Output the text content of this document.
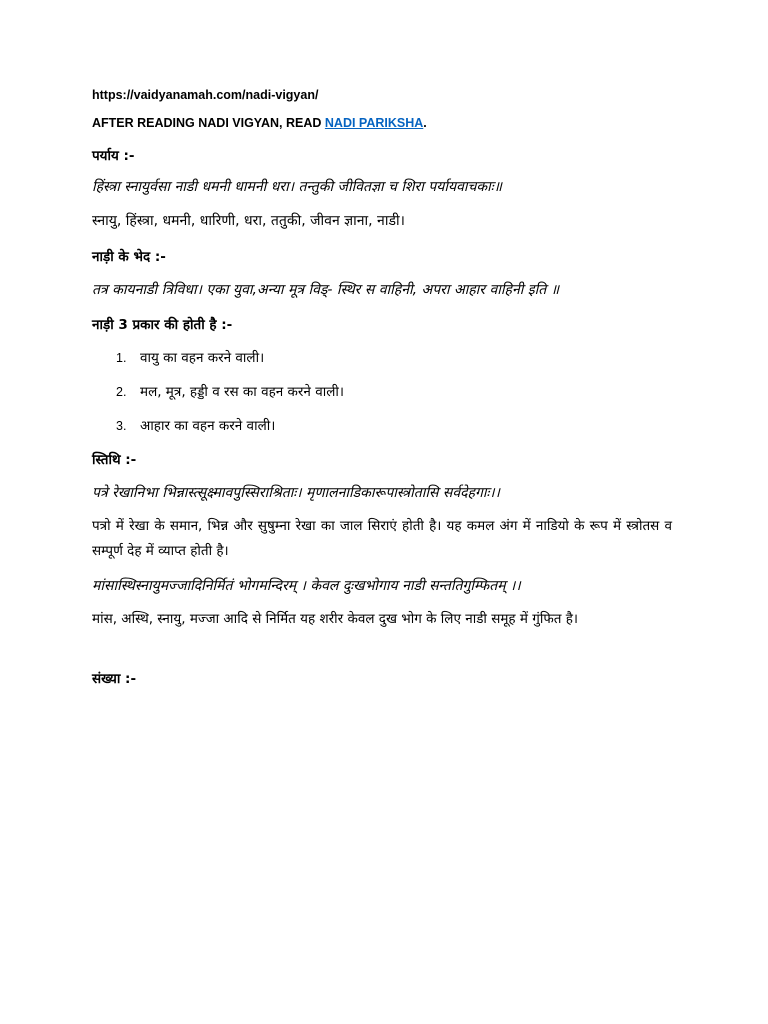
https://vaidyanamah.com/nadi-vigyan/
AFTER READING NADI VIGYAN, READ NADI PARIKSHA.
पर्याय :-
हिंस्त्रा स्नायुर्वसा नाडी धमनी धामनी धरा। तन्तुकी जीवितज्ञा च शिरा पर्यायवाचकाः॥
स्नायु, हिंस्त्रा, धमनी, धारिणी, धरा, ततुकी, जीवन ज्ञाना, नाडी।
नाड़ी के भेद :-
तत्र कायनाडी त्रिविधा। एका युवा,अन्या मूत्र विड्- स्थिर स वाहिनी, अपरा आहार वाहिनी इति ॥
नाड़ी 3 प्रकार की होती है :-
1. वायु का वहन करने वाली।
2. मल, मूत्र, हड्डी व रस का वहन करने वाली।
3. आहार का वहन करने वाली।
स्तिथि :-
पत्रे रेखानिभा भिन्नास्त्सूक्ष्मावपुस्सिराश्रिताः। मृणालनाडिकारूपास्त्रोतासि सर्वदेहगाः।।
पत्रो में रेखा के समान, भिन्न और सुषुम्ना रेखा का जाल सिराएं होती है। यह कमल अंग में नाडियो के रूप में स्त्रोतस व सम्पूर्ण देह में व्याप्त होती है।
मांसास्थिस्नायुमज्जादिनिर्मितं भोगमन्दिरम् । केवल दुःखभोगाय नाडी सन्ततिगुम्फितम् ।।
मांस, अस्थि, स्नायु, मज्जा आदि से निर्मित यह शरीर केवल दुख भोग के लिए नाडी समूह में गुंफित है।
संख्या :-
